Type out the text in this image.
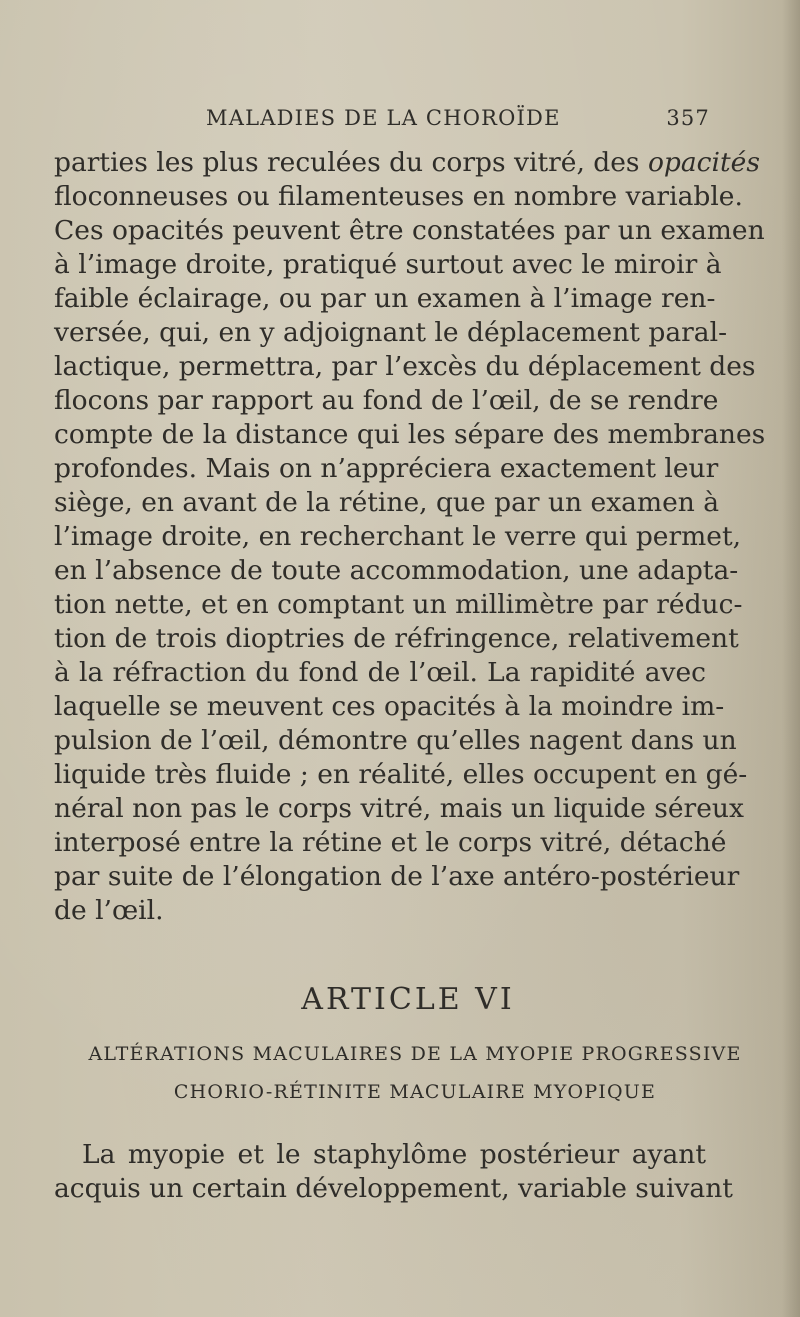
MALADIES DE LA CHOROÏDE	357
parties les plus reculées du corps vitré, des opacités
floconneuses ou filamenteuses en nombre variable.
Ces opacités peuvent être constatées par un examen
à l’image droite, pratiqué surtout avec le miroir à
faible éclairage, ou par un examen à l’image ren-
versée, qui, en y adjoignant le déplacement paral-
lactique, permettra, par l’excès du déplacement des
flocons par rapport au fond de l’œil, de se rendre
compte de la distance qui les sépare des membranes
profondes. Mais on n’appréciera exactement leur
siège, en avant de la rétine, que par un examen à
l’image droite, en recherchant le verre qui permet,
en l’absence de toute accommodation, une adapta-
tion nette, et en comptant un millimètre par réduc-
tion de trois dioptries de réfringence, relativement
à la réfraction du fond de l’œil. La rapidité avec
laquelle se meuvent ces opacités à la moindre im-
pulsion de l’œil, démontre qu’elles nagent dans un
liquide très fluide ; en réalité, elles occupent en gé-
néral non pas le corps vitré, mais un liquide séreux
interposé entre la rétine et le corps vitré, détaché
par suite de l’élongation de l’axe antéro-postérieur
de l’œil.
ARTICLE VI
ALTÉRATIONS MACULAIRES DE LA MYOPIE PROGRESSIVE
CHORIO-RÉTINITE MACULAIRE MYOPIQUE
La myopie et le staphylôme postérieur ayant
acquis un certain développement, variable suivant
